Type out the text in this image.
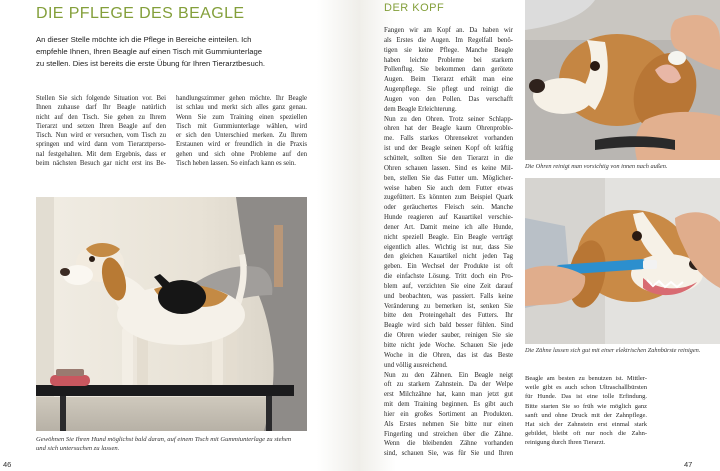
DIE PFLEGE DES BEAGLE
An dieser Stelle möchte ich die Pflege in Bereiche einteilen. Ich
empfehle Ihnen, Ihren Beagle auf einen Tisch mit Gummiunterlage
zu stellen. Dies ist bereits die erste Übung für Ihren Tierarztbesuch.
Stellen Sie sich folgende Situation vor. Bei
Ihnen zuhause darf Ihr Beagle natürlich
nicht auf den Tisch. Sie gehen zu Ihrem
Tierarzt und setzen Ihren Beagle auf den
Tisch. Nun wird er versuchen, vom Tisch zu
springen und wird dann vom Tierarztperso-
nal festgehalten. Mit dem Ergebnis, dass er
beim nächsten Besuch gar nicht erst ins Be-
handlungszimmer gehen möchte. Ihr Beagle
ist schlau und merkt sich alles ganz genau.
Wenn Sie zum Training einen speziellen
Tisch mit Gummiunterlage wählen, wird
er sich den Unterschied merken. Zu Ihrem
Erstaunen wird er freundlich in die Praxis
gehen und sich ohne Probleme auf den
Tisch heben lassen. So einfach kann es sein.
Gewöhnen Sie Ihren Hund möglichst bald daran, auf einem Tisch mit Gummiunterlage zu stehen
und sich untersuchen zu lassen.
46
DER KOPF
Fangen wir am Kopf an. Da haben wir
als Erstes die Augen. Im Regelfall benö-
tigen sie keine Pflege. Manche Beagle
haben leichte Probleme bei starkem
Pollenflug. Sie bekommen dann gerötete
Augen. Beim Tierarzt erhält man eine
Augenpflege. Sie pflegt und reinigt die
Augen von den Pollen. Das verschafft
dem Beagle Erleichterung.
Nun zu den Ohren. Trotz seiner Schlapp-
ohren hat der Beagle kaum Ohrenproble-
me. Falls starkes Ohrensekret vorhanden
ist und der Beagle seinen Kopf oft kräftig
schüttelt, sollten Sie den Tierarzt in die
Ohren schauen lassen. Sind es keine Mil-
ben, stellen Sie das Futter um. Möglicher-
weise haben Sie auch dem Futter etwas
zugefüttert. Es könnten zum Beispiel Quark
oder geräuchertes Fleisch sein. Manche
Hunde reagieren auf Kauartikel verschie-
dener Art. Damit meine ich alle Hunde,
nicht speziell Beagle. Ein Beagle verträgt
eigentlich alles. Wichtig ist nur, dass Sie
den gleichen Kauartikel nicht jeden Tag
geben. Ein Wechsel der Produkte ist oft
die einfachste Lösung. Tritt doch ein Pro-
blem auf, verzichten Sie eine Zeit darauf
und beobachten, was passiert. Falls keine
Veränderung zu bemerken ist, senken Sie
bitte den Proteingehalt des Futters. Ihr
Beagle wird sich bald besser fühlen. Sind
die Ohren wieder sauber, reinigen Sie sie
bitte nicht jede Woche. Schauen Sie jede
Woche in die Ohren, das ist das Beste
und völlig ausreichend.
Nun zu den Zähnen. Ein Beagle neigt
oft zu starkem Zahnstein. Da der Welpe
erst Milchzähne hat, kann man jetzt gut
mit dem Training beginnen. Es gibt auch
hier ein großes Sortiment an Produkten.
Als Erstes nehmen Sie bitte nur einen
Fingerling und streichen über die Zähne.
Wenn die bleibenden Zähne vorhanden
sind, schauen Sie, was für Sie und Ihren
Die Ohren reinigt man vorsichtig von innen nach außen.
Die Zähne lassen sich gut mit einer elektrischen Zahnbürste reinigen.
Beagle am besten zu benutzen ist. Mittler-
weile gibt es auch schon Ultraschallbürsten
für Hunde. Das ist eine tolle Erfindung.
Bitte starten Sie so früh wie möglich ganz
sanft und ohne Druck mit der Zahnpflege.
Hat sich der Zahnstein erst einmal stark
gebildet, bleibt oft nur noch die Zahn-
reinigung durch Ihren Tierarzt.
47
